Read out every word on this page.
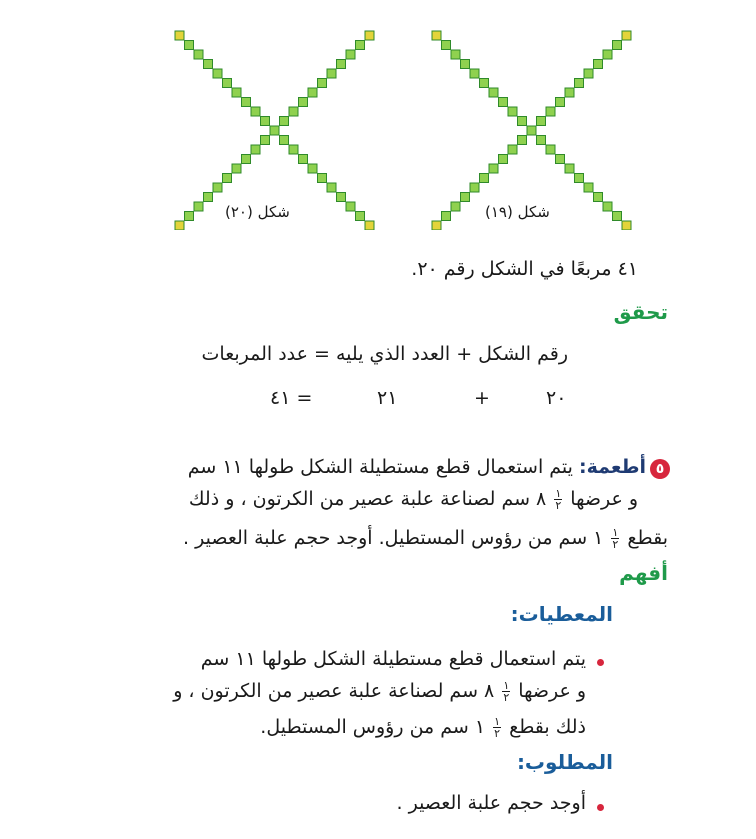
شكل (٢٠)	شكل (١٩)
٤١ مربعًا في الشكل رقم ٢٠.
تحقق
رقم الشكل + العدد الذي يليه = عدد المربعات
٢٠
+
٢١
= ٤١
٥
أطعمة: يتم استعمال قطع مستطيلة الشكل طولها ١١ سم
و عرضها
$\frac{١}{٢}$
٨ سم لصناعة علبة عصير من الكرتون ، و ذلك
بقطع
$\frac{١}{٢}$
١ سم من رؤوس المستطيل. أوجد حجم علبة العصير .
أفهم
المعطيات:
يتم استعمال قطع مستطيلة الشكل طولها ١١ سم
و عرضها
$\frac{١}{٢}$
٨ سم لصناعة علبة عصير من الكرتون ، و
ذلك بقطع
$\frac{١}{٢}$
١ سم من رؤوس المستطيل.
المطلوب:
أوجد حجم علبة العصير .
